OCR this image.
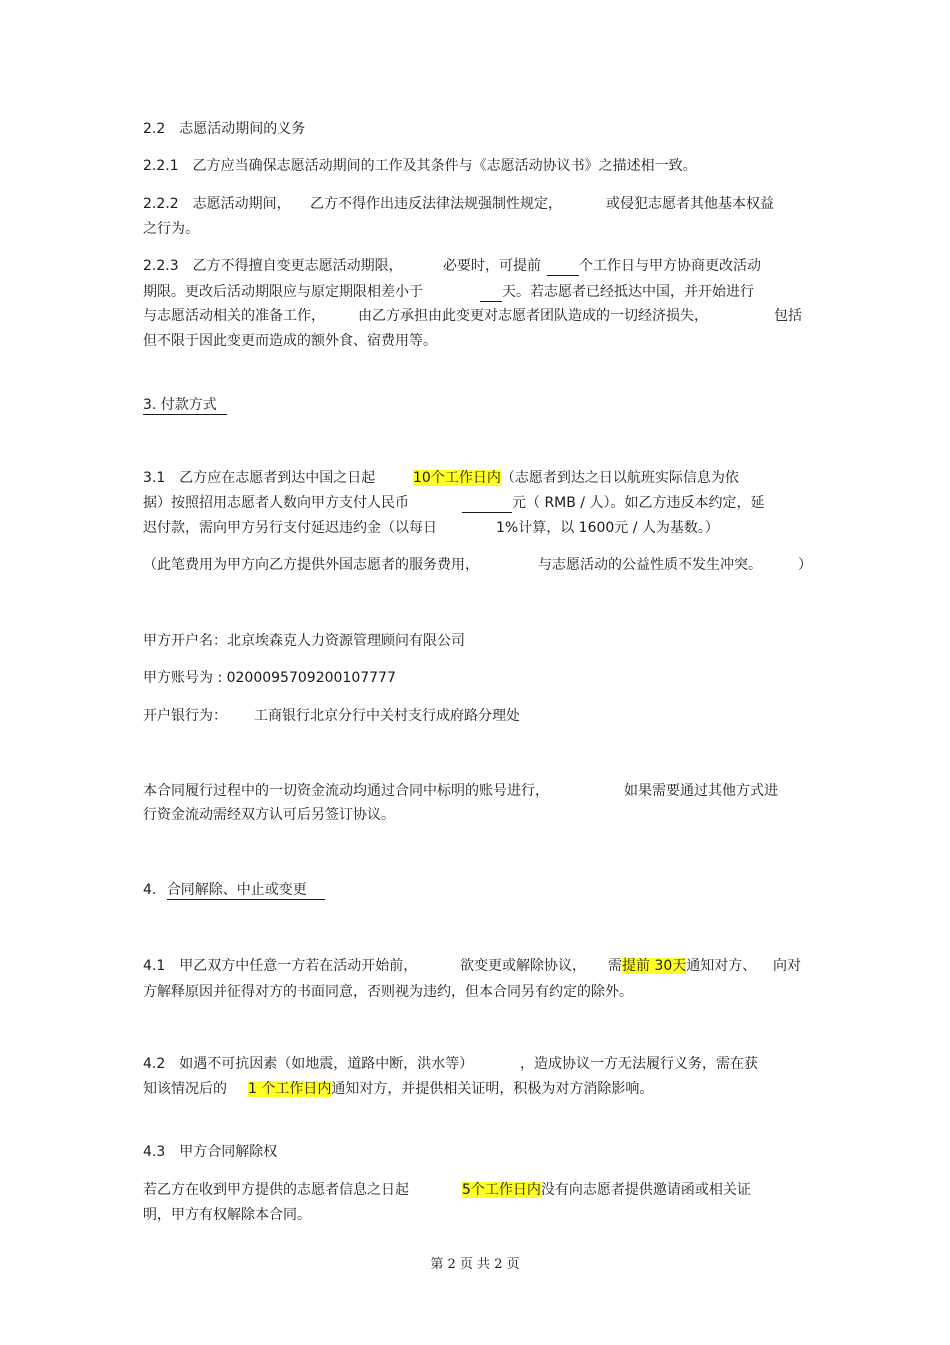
2.2　志愿活动期间的义务
2.2.1　乙方应当确保志愿活动期间的工作及其条件与《志愿活动协议书》之描述相一致。
2.2.2　志愿活动期间， 乙方不得作出违反法律法规强制性规定，	或侵犯志愿者其他基本权益
之行为。
2.2.3　乙方不得擅自变更志愿活动期限，	必要时，可提前	个工作日与甲方协商更改活动
期限。更改后活动期限应与原定期限相差小于	天。若志愿者已经抵达中国，并开始进行
与志愿活动相关的准备工作， 由乙方承担由此变更对志愿者团队造成的一切经济损失，	包括
但不限于因此变更而造成的额外食、宿费用等。
3. 付款方式
3.1　乙方应在志愿者到达中国之日起	10个工作日内（志愿者到达之日以航班实际信息为依
据）按照招用志愿者人数向甲方支付人民币	元（ RMB / 人）。如乙方违反本约定，延
迟付款，需向甲方另行支付延迟违约金（以每日	1%计算，以 1600元 / 人为基数。）
（此笔费用为甲方向乙方提供外国志愿者的服务费用，	与志愿活动的公益性质不发生冲突。	）
甲方开户名：北京埃森克人力资源管理顾问有限公司
甲方账号为 : 0200095709200107777
开户银行为： 工商银行北京分行中关村支行成府路分理处
本合同履行过程中的一切资金流动均通过合同中标明的账号进行，	如果需要通过其他方式进
行资金流动需经双方认可后另签订协议。
4. 合同解除、中止或变更
4.1　甲乙双方中任意一方若在活动开始前，	欲变更或解除协议， 需提前 30天通知对方、 向对
方解释原因并征得对方的书面同意，否则视为违约，但本合同另有约定的除外。
4.2　如遇不可抗因素（如地震，道路中断，洪水等）	，造成协议一方无法履行义务，需在获
知该情况后的 1 个工作日内通知对方，并提供相关证明，积极为对方消除影响。
4.3　甲方合同解除权
若乙方在收到甲方提供的志愿者信息之日起	5个工作日内没有向志愿者提供邀请函或相关证
明，甲方有权解除本合同。
第 2 页 共 2 页
